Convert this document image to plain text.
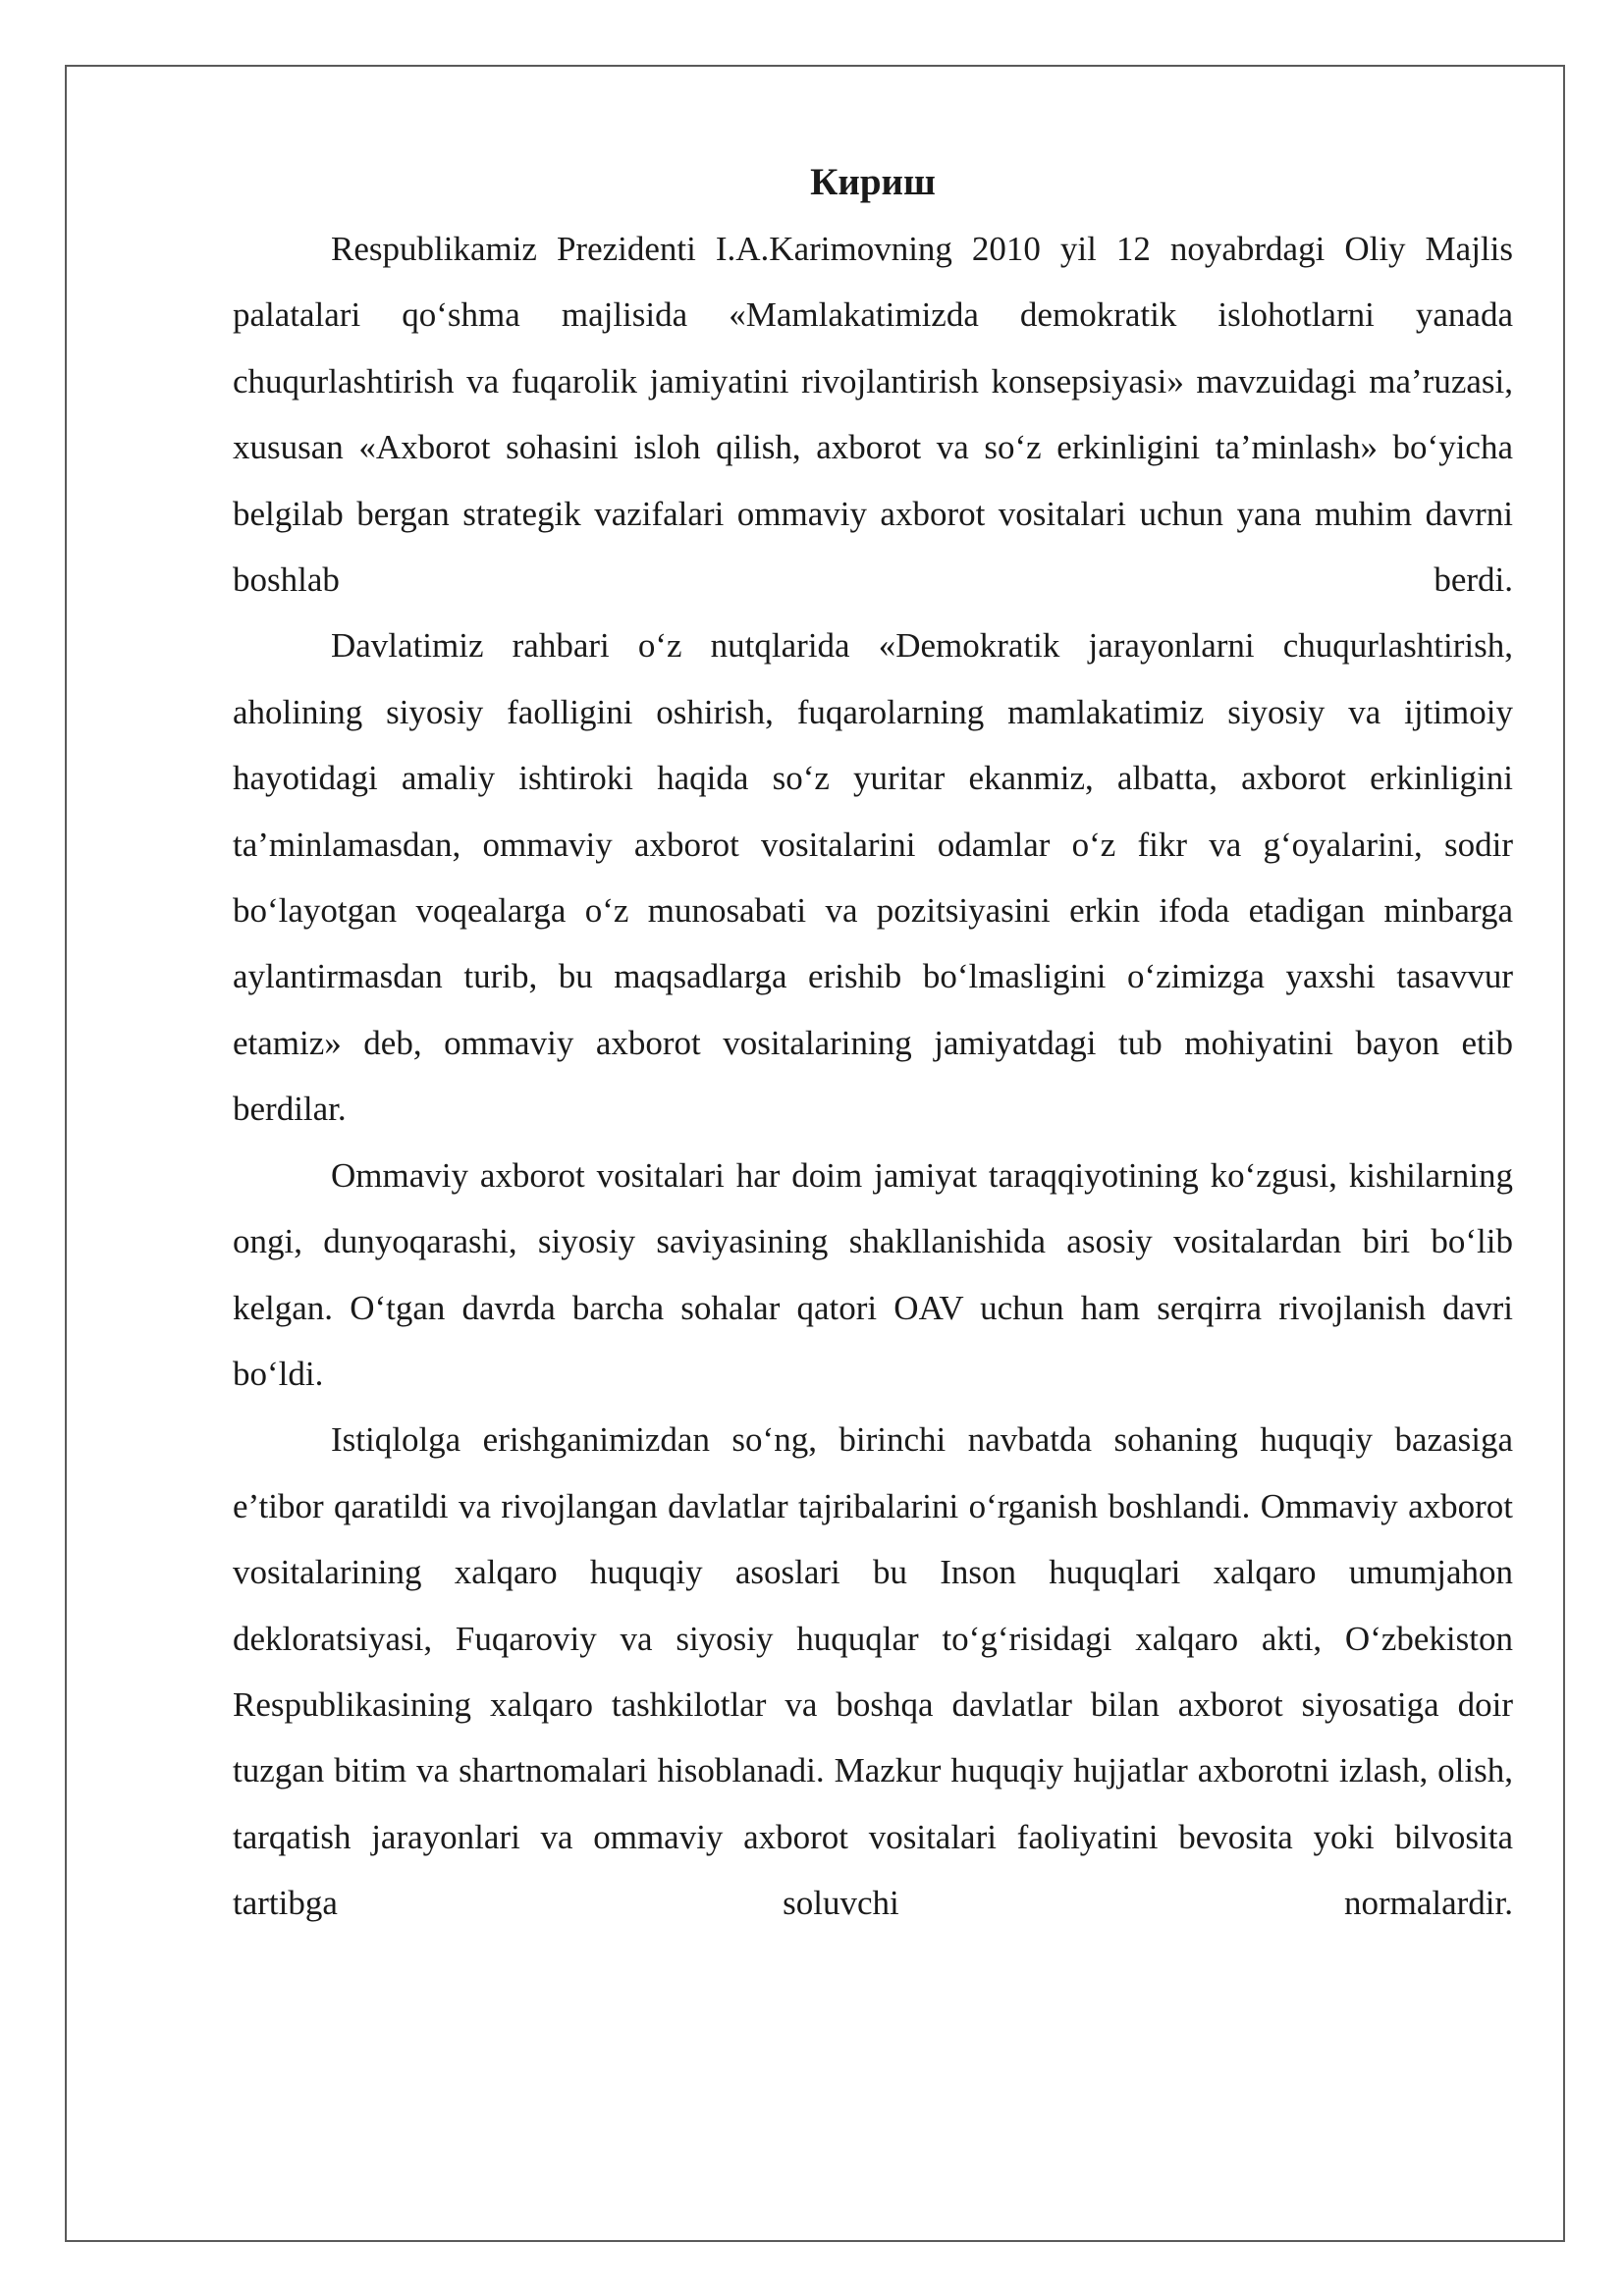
Кириш

Respublikamiz Prezidenti I.A.Karimovning 2010 yil 12 noyabrdagi Oliy Majlis palatalari qo‘shma majlisida «Mamlakatimizda demokratik islohotlarni yanada chuqurlashtirish va fuqarolik jamiyatini rivojlantirish konsepsiyasi» mavzuidagi ma’ruzasi, xususan «Axborot sohasini isloh qilish, axborot va so‘z erkinligini ta’minlash» bo‘yicha belgilab bergan strategik vazifalari ommaviy axborot vositalari uchun yana muhim davrni boshlab berdi.

Davlatimiz rahbari o‘z nutqlarida «Demokratik jarayonlarni chuqurlashtirish, aholining siyosiy faolligini oshirish, fuqarolarning mamlakatimiz siyosiy va ijtimoiy hayotidagi amaliy ishtiroki haqida so‘z yuritar ekanmiz, albatta, axborot erkinligini ta’minlamasdan, ommaviy axborot vositalarini odamlar o‘z fikr va g‘oyalarini, sodir bo‘layotgan voqealarga o‘z munosabati va pozitsiyasini erkin ifoda etadigan minbarga aylantirmasdan turib, bu maqsadlarga erishib bo‘lmasligini o‘zimizga yaxshi tasavvur etamiz» deb, ommaviy axborot vositalarining jamiyatdagi tub mohiyatini bayon etib berdilar.

Ommaviy axborot vositalari har doim jamiyat taraqqiyotining ko‘zgusi, kishilarning ongi, dunyoqarashi, siyosiy saviyasining shakllanishida asosiy vositalardan biri bo‘lib kelgan. O‘tgan davrda barcha sohalar qatori OAV uchun ham serqirra rivojlanish davri bo‘ldi.

Istiqlolga erishganimizdan so‘ng, birinchi navbatda sohaning huquqiy bazasiga e’tibor qaratildi va rivojlangan davlatlar tajribalarini o‘rganish boshlandi. Ommaviy axborot vositalarining xalqaro huquqiy asoslari bu Inson huquqlari xalqaro umumjahon dekloratsiyasi, Fuqaroviy va siyosiy huquqlar to‘g‘risidagi xalqaro akti, O‘zbekiston Respublikasining xalqaro tashkilotlar va boshqa davlatlar bilan axborot siyosatiga doir tuzgan bitim va shartnomalari hisoblanadi. Mazkur huquqiy hujjatlar axborotni izlash, olish, tarqatish jarayonlari va ommaviy axborot vositalari faoliyatini bevosita yoki bilvosita tartibga soluvchi normalardir.
